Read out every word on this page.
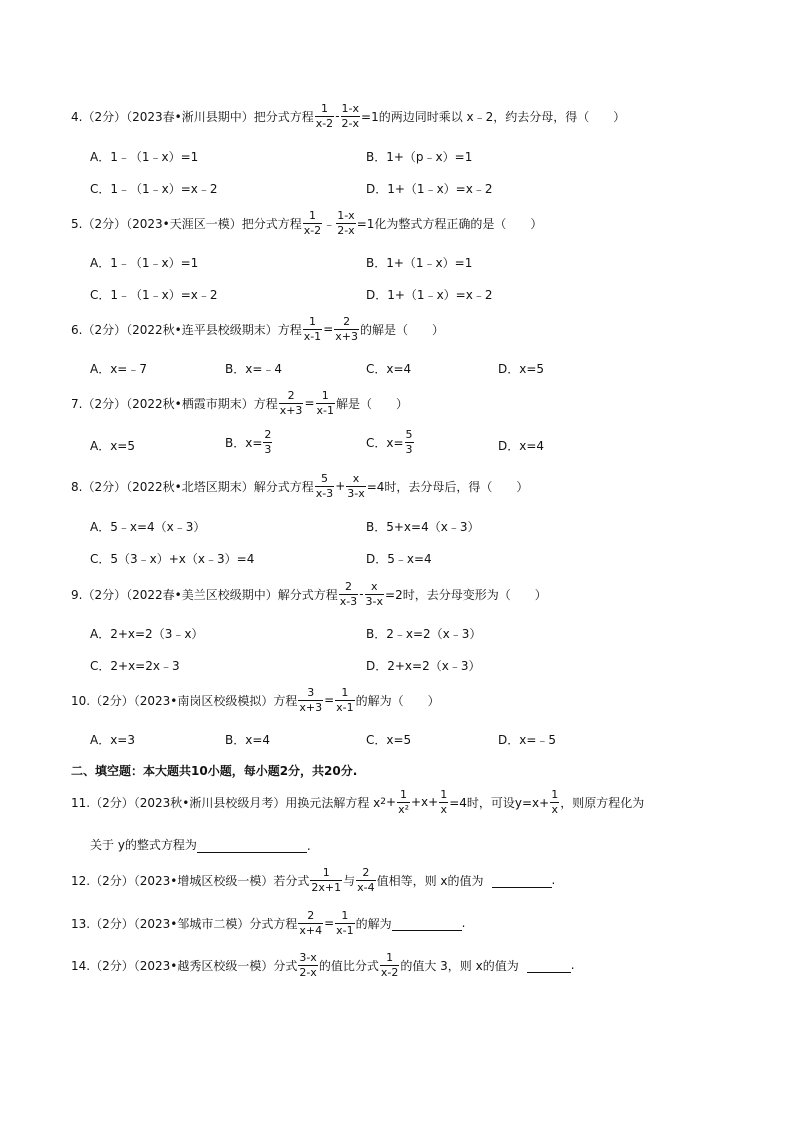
4.（2分）（2023春•淅川县期中）把分式方程 $\frac{1}{x-2} - \frac{1-x}{2-x} =1$的两边同时乘以 x﹣2，约去分母，得（　　）
A．1﹣（1﹣x）=1	B．1+（p﹣x）=1
C．1﹣（1﹣x）=x﹣2	D．1+（1﹣x）=x﹣2
5.（2分）（2023•天涯区一模）把分式方程 $\frac{1}{x-2}$ ﹣ $\frac{1-x}{2-x} =1$化为整式方程正确的是（　　）
A．1﹣（1﹣x）=1	B．1+（1﹣x）=1
C．1﹣（1﹣x）=x﹣2	D．1+（1﹣x）=x﹣2
6.（2分）（2022秋•连平县校级期末）方程 $\frac{1}{x-1} = \frac{2}{x+3}$ 的解是（　　）
A．x=﹣7	B．x=﹣4	C．x=4	D．x=5
7.（2分）（2022秋•栖霞市期末）方程 $\frac{2}{x+3} = \frac{1}{x-1}$ 解是（　　）
A．x=5	B．$x= \frac{2}{3}$	C．$x= \frac{5}{3}$	D．x=4
8.（2分）（2022秋•北塔区期末）解分式方程 $\frac{5}{x-3} + \frac{x}{3-x} =4$时，去分母后，得（　　）
A．5﹣x=4（x﹣3）	B．5+x=4（x﹣3）
C．5（3﹣x）+x（x﹣3）=4	D．5﹣x=4
9.（2分）（2022春•美兰区校级期中）解分式方程 $\frac{2}{x-3} - \frac{x}{3-x} =2$时，去分母变形为（　　）
A．2+x=2（3﹣x）	B．2﹣x=2（x﹣3）
C．2+x=2x﹣3	D．2+x=2（x﹣3）
10.（2分）（2023•南岗区校级模拟）方程 $\frac{3}{x+3} = \frac{1}{x-1}$ 的解为（　　）
A．x=3	B．x=4	C．x=5	D．x=﹣5
二、填空题：本大题共10小题，每小题2分，共20分.
11.（2分）（2023秋•淅川县校级月考）用换元法解方程 x $2 + \frac{1}{\text{x²}} +x+ \frac{1}{x} =4$时，可设$y=x+ \frac{1}{x}$ ，则原方程化为
关于 y的整式方程为	.
12.（2分）（2023•增城区校级一模）若分式 $\frac{1}{2x+1}$ 与 $\frac{2}{x-4}$ 值相等，则 x的值为	.
13.（2分）（2023•邹城市二模）分式方程 $\frac{2}{x+4} = \frac{1}{x-1}$ 的解为	.
14.（2分）（2023•越秀区校级一模）分式 $\frac{3-x}{2-x}$ 的值比分式 $\frac{1}{x-2}$ 的值大 3，则 x的值为	.
